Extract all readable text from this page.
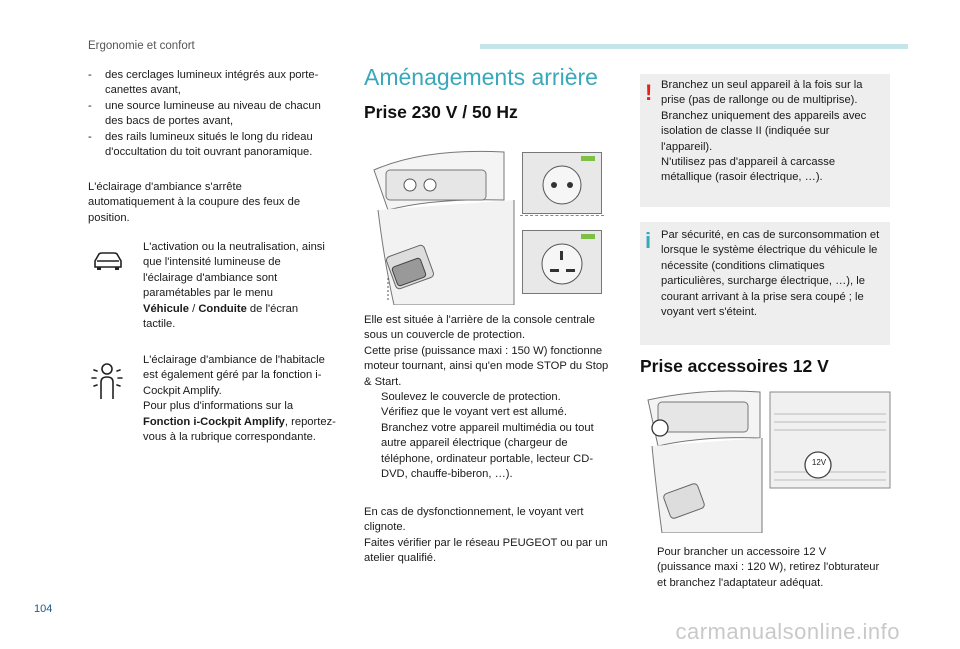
Ergonomie et confort
- des cerclages lumineux intégrés aux porte-canettes avant,
- une source lumineuse au niveau de chacun des bacs de portes avant,
- des rails lumineux situés le long du rideau d'occultation du toit ouvrant panoramique.
L'éclairage d'ambiance s'arrête automatiquement à la coupure des feux de position.
L'activation ou la neutralisation, ainsi que l'intensité lumineuse de l'éclairage d'ambiance sont paramétables par le menu
Véhicule / Conduite de l'écran tactile.
L'éclairage d'ambiance de l'habitacle est également géré par la fonction i-Cockpit Amplify.
Pour plus d'informations sur la
Fonction i-Cockpit Amplify, reportez-vous à la rubrique correspondante.
Aménagements arrière
Prise 230 V / 50 Hz
Elle est située à l'arrière de la console centrale sous un couvercle de protection.
Cette prise (puissance maxi : 150 W) fonctionne moteur tournant, ainsi qu'en mode STOP du Stop & Start.
Soulevez le couvercle de protection.
Vérifiez que le voyant vert est allumé.
Branchez votre appareil multimédia ou tout autre appareil électrique (chargeur de téléphone, ordinateur portable, lecteur CD-DVD, chauffe-biberon, …).
En cas de dysfonctionnement, le voyant vert clignote.
Faites vérifier par le réseau PEUGEOT ou par un atelier qualifié.
! Branchez un seul appareil à la fois sur la prise (pas de rallonge ou de multiprise).
Branchez uniquement des appareils avec isolation de classe II (indiquée sur l'appareil).
N'utilisez pas d'appareil à carcasse métallique (rasoir électrique, …).
i Par sécurité, en cas de surconsommation et lorsque le système électrique du véhicule le nécessite (conditions climatiques particulières, surcharge électrique, …), le courant arrivant à la prise sera coupé ; le voyant vert s'éteint.
Prise accessoires 12 V
12V
Pour brancher un accessoire 12 V (puissance maxi : 120 W), retirez l'obturateur et branchez l'adaptateur adéquat.
104
carmanualsonline.info
